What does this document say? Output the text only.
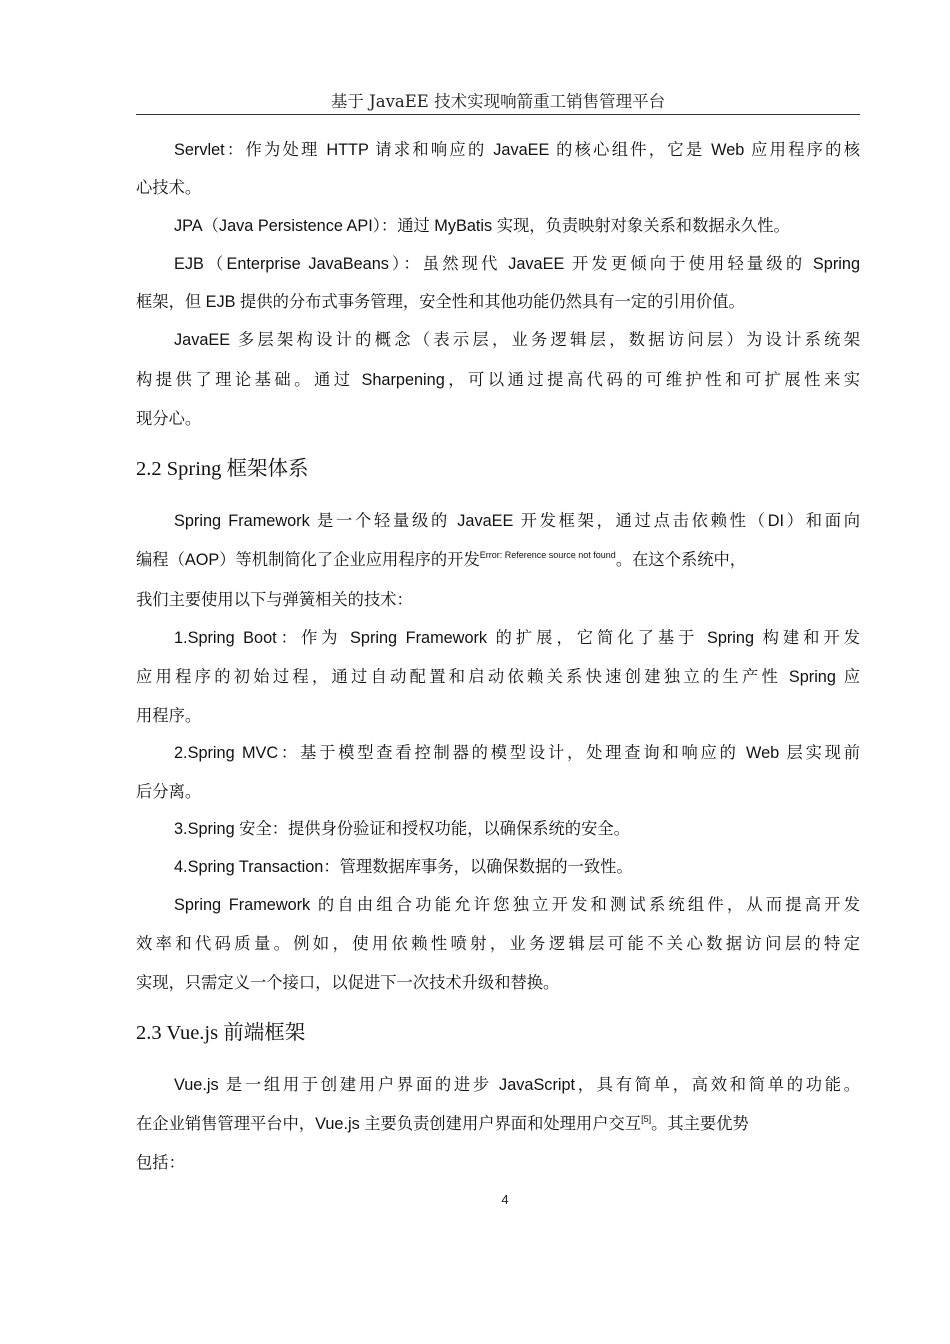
基于 JavaEE 技术实现响箭重工销售管理平台
Servlet：作为处理 HTTP 请求和响应的 JavaEE 的核心组件，它是 Web 应用程序的核
心技术。
JPA（Java Persistence API）：通过 MyBatis 实现，负责映射对象关系和数据永久性。
EJB（Enterprise JavaBeans）：虽然现代 JavaEE 开发更倾向于使用轻量级的 Spring
框架，但 EJB 提供的分布式事务管理，安全性和其他功能仍然具有一定的引用价值。
JavaEE 多层架构设计的概念（表示层，业务逻辑层，数据访问层）为设计系统架
构提供了理论基础。通过 Sharpening，可以通过提高代码的可维护性和可扩展性来实
现分心。
2.2 Spring 框架体系
Spring Framework 是一个轻量级的 JavaEE 开发框架，通过点击依赖性（DI）和面向
编程（AOP）等机制简化了企业应用程序的开发$^{Error: Reference source not found}$。在这个系统中，
我们主要使用以下与弹簧相关的技术：
1.Spring Boot：作为 Spring Framework 的扩展，它简化了基于 Spring 构建和开发
应用程序的初始过程，通过自动配置和启动依赖关系快速创建独立的生产性 Spring 应
用程序。
2.Spring MVC：基于模型查看控制器的模型设计，处理查询和响应的 Web 层实现前
后分离。
3.Spring 安全：提供身份验证和授权功能，以确保系统的安全。
4.Spring Transaction：管理数据库事务，以确保数据的一致性。
Spring Framework 的自由组合功能允许您独立开发和测试系统组件，从而提高开发
效率和代码质量。例如，使用依赖性喷射，业务逻辑层可能不关心数据访问层的特定
实现，只需定义一个接口，以促进下一次技术升级和替换。
2.3 Vue.js 前端框架
Vue.js 是一组用于创建用户界面的进步 JavaScript，具有简单，高效和简单的功能。
在企业销售管理平台中，Vue.js 主要负责创建用户界面和处理用户交互[5]。其主要优势
包括：
4
